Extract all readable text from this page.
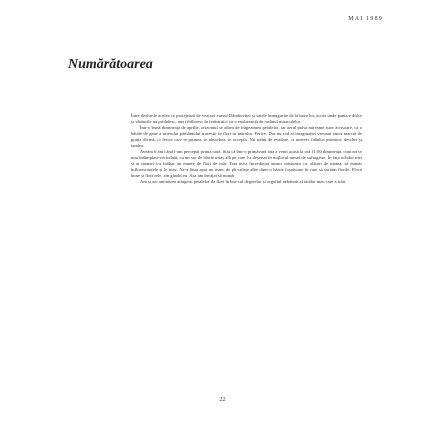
MAI 1989
Numărătoarea

Între dealurile acelea ce protejează de veacuri cursul Dâmboviței și satele înmugurite de la baza lor, acolo unde panta e dulce și vânturile nu prididesc, meri înfloresc în ferăstruici cu o exuberanță de ordinul miraculelor.

Într-o bună dimineață de aprilie, orizontul se albea de frăgezimea petalelor, iar aerul pulsa miresme suav acrișoare, ca o bătaie de gene a mierului pământului travestit în flori-ra mărului. Ferice. Dar nu rod al imaginației vreunui autor marcat de grația divină, ci ferice care te primea, te absorbea, te accepta. Nu trăim de evadare, ci univers fabulos primitor, deschis și tandru.

Aveam 6 ani când l-am perceput prima oară. Știu că într-o primăvară tata a venit acasă la ora 11:00 dimineața, cum nu se mai întâmplase niciodată, cu un sac de hârtie uriaș alb pe care l-a deșertat în mijlocul mesei de sufragerie. În fața ochilor mei și ai mamei s-a înălțat un munte de flori de măr. Tata mi-a încredințat atunci misiunea ca, alături de mama, să număr înflorescențele și le triez. Ne-a lăsat apoi un teanc de pli-culețe albe dintr-o hârtie foșnitoare în care să sortăm florile. Florii bune și flori rele, am gândit eu. Așa am învățat să număr.

Am și azi amintirea atingerii petalelor de flori în bur-cul degetelor și orgoliul nebănuit al tatălui meu care a trăit

22
